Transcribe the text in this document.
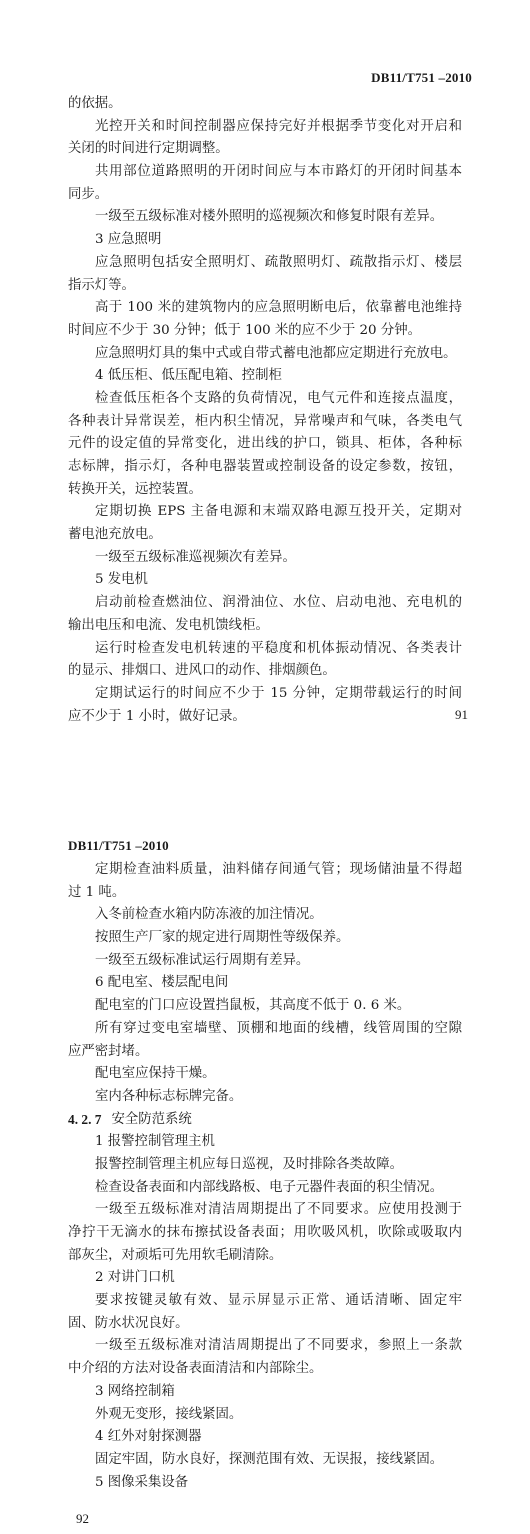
DB11/T751 –2010
的依据。
光控开关和时间控制器应保持完好并根据季节变化对开启和
关闭的时间进行定期调整。
共用部位道路照明的开闭时间应与本市路灯的开闭时间基本
同步。
一级至五级标准对楼外照明的巡视频次和修复时限有差异。
3 应急照明
应急照明包括安全照明灯、疏散照明灯、疏散指示灯、楼层
指示灯等。
高于 100 米的建筑物内的应急照明断电后，依靠蓄电池维持
时间应不少于 30 分钟；低于 100 米的应不少于 20 分钟。
应急照明灯具的集中式或自带式蓄电池都应定期进行充放电。
4 低压柜、低压配电箱、控制柜
检查低压柜各个支路的负荷情况，电气元件和连接点温度，
各种表计异常误差，柜内积尘情况，异常噪声和气味，各类电气
元件的设定值的异常变化，进出线的护口，锁具、柜体，各种标
志标牌，指示灯，各种电器装置或控制设备的设定参数，按钮，
转换开关，远控装置。
定期切换 EPS 主备电源和末端双路电源互投开关，定期对
蓄电池充放电。
一级至五级标准巡视频次有差异。
5 发电机
启动前检查燃油位、润滑油位、水位、启动电池、充电机的
输出电压和电流、发电机馈线柜。
运行时检查发电机转速的平稳度和机体振动情况、各类表计
的显示、排烟口、进风口的动作、排烟颜色。
定期试运行的时间应不少于 15 分钟，定期带载运行的时间
应不少于 1 小时，做好记录。	91
DB11/T751 –2010
定期检查油料质量，油料储存间通气管；现场储油量不得超
过 1 吨。
入冬前检查水箱内防冻液的加注情况。
按照生产厂家的规定进行周期性等级保养。
一级至五级标准试运行周期有差异。
6 配电室、楼层配电间
配电室的门口应设置挡鼠板，其高度不低于 0. 6 米。
所有穿过变电室墙壁、顶棚和地面的线槽，线管周围的空隙
应严密封堵。
配电室应保持干燥。
室内各种标志标牌完备。
4. 2. 7 安全防范系统
1 报警控制管理主机
报警控制管理主机应每日巡视，及时排除各类故障。
检查设备表面和内部线路板、电子元器件表面的积尘情况。
一级至五级标准对清洁周期提出了不同要求。应使用投测于
净拧干无滴水的抹布擦拭设备表面；用吹吸风机，吹除或吸取内
部灰尘，对顽垢可先用软毛刷清除。
2 对讲门口机
要求按键灵敏有效、显示屏显示正常、通话清晰、固定牢
固、防水状况良好。
一级至五级标准对清洁周期提出了不同要求，参照上一条款
中介绍的方法对设备表面清洁和内部除尘。
3 网络控制箱
外观无变形，接线紧固。
4 红外对射探测器
固定牢固，防水良好，探测范围有效、无误报，接线紧固。
5 图像采集设备
92
